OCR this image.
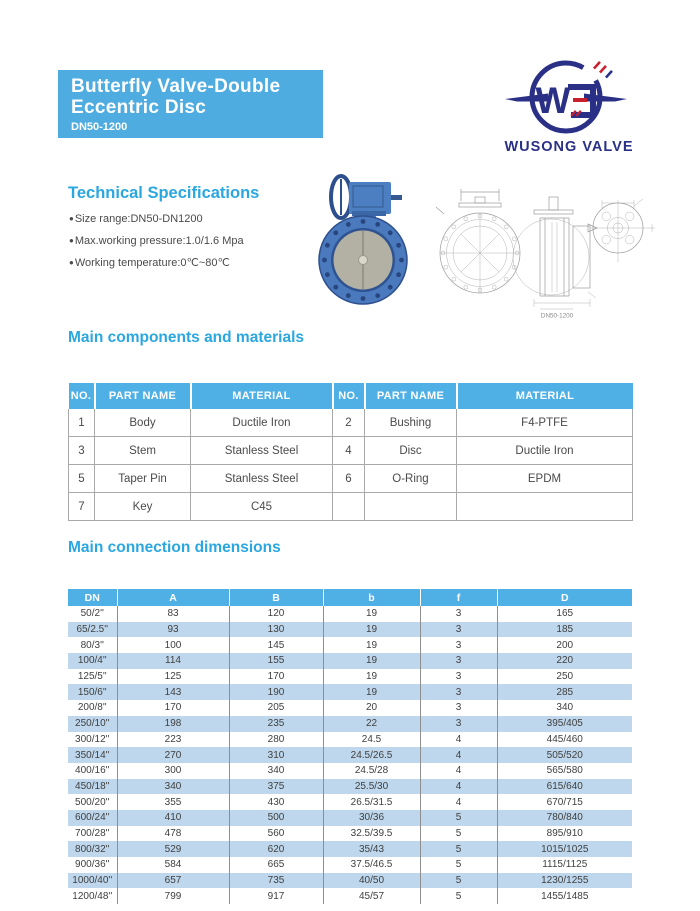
Butterfly Valve-Double
Eccentric Disc
DN50-1200
W
WUSONG VALVE
Technical Specifications
●Size range:DN50-DN1200
●Max.working pressure:1.0/1.6 Mpa
●Working temperature:0℃~80℃
DN50-1200
Main components and materials
NO.	PART NAME	MATERIAL	NO.	PART NAME	MATERIAL
1	Body	Ductile Iron	2	Bushing	F4-PTFE
3	Stem	Stanless Steel	4	Disc	Ductile Iron
5	Taper Pin	Stanless Steel	6	O-Ring	EPDM
7	Key	C45			
Main connection dimensions
DN	A	B	b	f	D
50/2''	83	120	19	3	165
65/2.5''	93	130	19	3	185
80/3''	100	145	19	3	200
100/4''	114	155	19	3	220
125/5''	125	170	19	3	250
150/6''	143	190	19	3	285
200/8''	170	205	20	3	340
250/10''	198	235	22	3	395/405
300/12''	223	280	24.5	4	445/460
350/14''	270	310	24.5/26.5	4	505/520
400/16''	300	340	24.5/28	4	565/580
450/18''	340	375	25.5/30	4	615/640
500/20''	355	430	26.5/31.5	4	670/715
600/24''	410	500	30/36	5	780/840
700/28''	478	560	32.5/39.5	5	895/910
800/32''	529	620	35/43	5	1015/1025
900/36''	584	665	37.5/46.5	5	1115/1125
1000/40''	657	735	40/50	5	1230/1255
1200/48''	799	917	45/57	5	1455/1485
